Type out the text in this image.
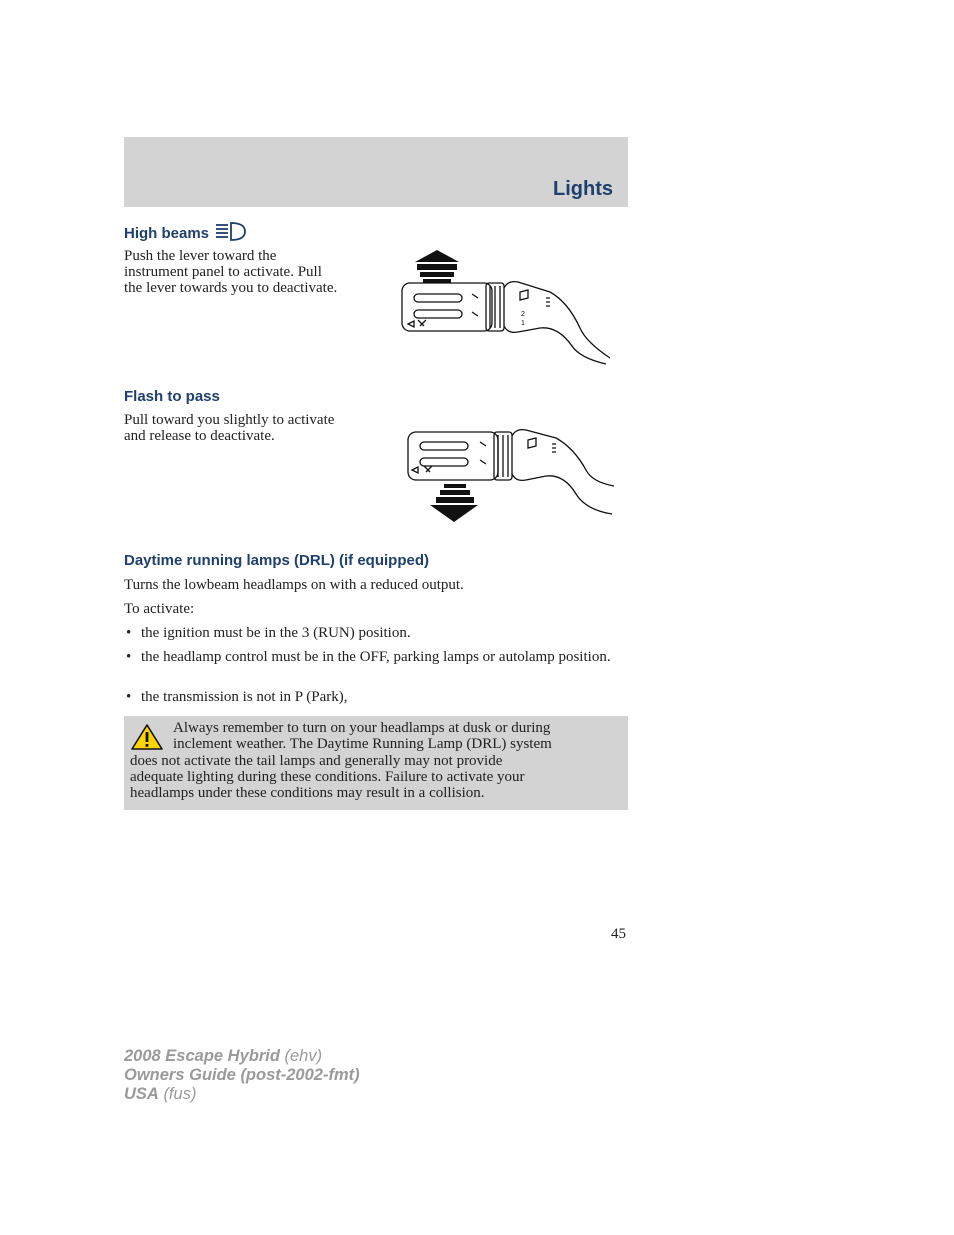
Lights
High beams

Push the lever toward the

instrument panel to activate. Pull

the lever towards you to deactivate.

2
1
Flash to pass

Pull toward you slightly to activate

and release to deactivate.

Daytime running lamps (DRL) (if equipped)

Turns the lowbeam headlamps on with a reduced output.

To activate:

• the ignition must be in the 3 (RUN) position.
• the headlamp control must be in the OFF, parking lamps or autolamp position.
• the transmission is not in P (Park),
Always remember to turn on your headlamps at dusk or during
inclement weather. The Daytime Running Lamp (DRL) system
does not activate the tail lamps and generally may not provide
adequate lighting during these conditions. Failure to activate your
headlamps under these conditions may result in a collision.
45
2008 Escape Hybrid (ehv)
Owners Guide (post-2002-fmt)
USA (fus)
